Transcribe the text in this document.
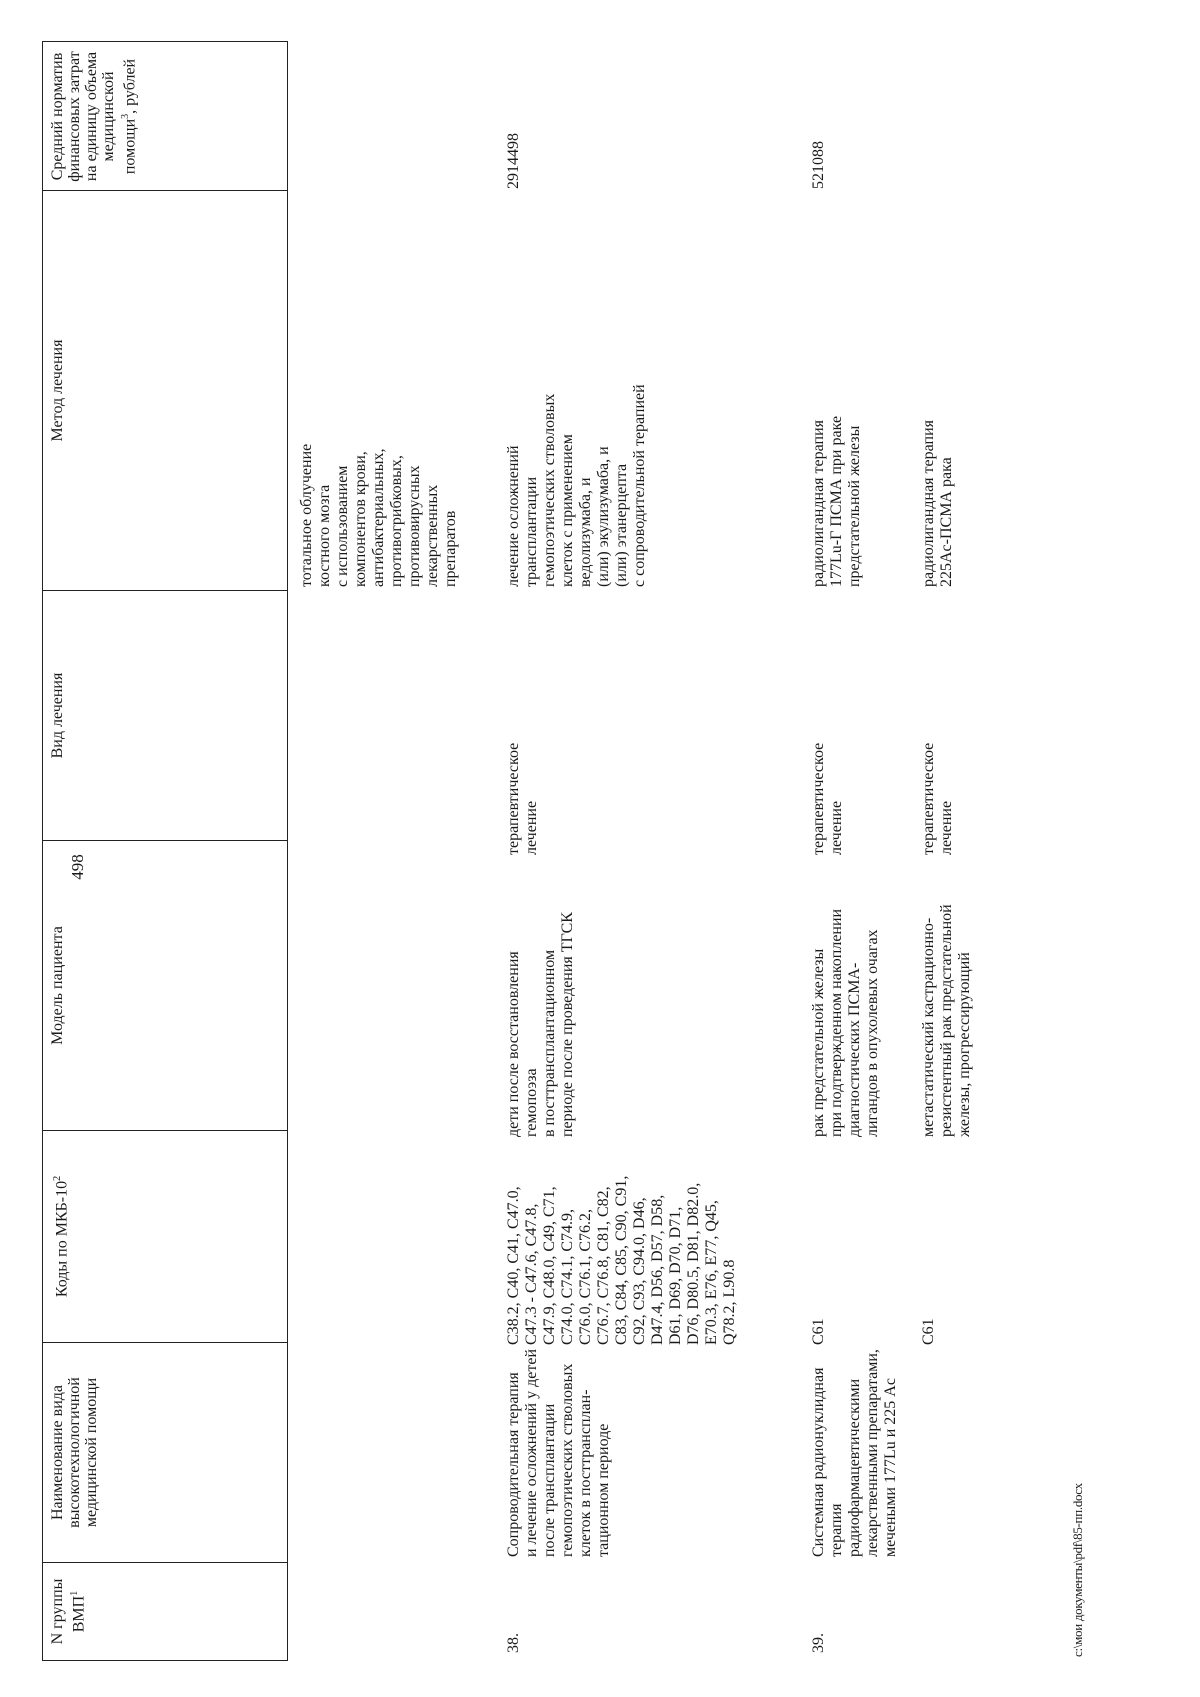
498
N группы ВМП$^1$
Наименование вида высокотехнологичной медицинской помощи
Коды по МКБ-$10^2$
Модель пациента
Вид лечения
Метод лечения
Средний норматив финансовых затрат на единицу объема медицинской помощи$^3$, рублей
тотальное облучение
костного мозга
с использованием
компонентов крови,
антибактериальных,
противогрибковых,
противовирусных
лекарственных
препаратов
38.
Сопроводительная терапия
и лечение осложнений у детей
после трансплантации
гемопоэтических стволовых
клеток в посттрансплан-
тационном периоде
C38.2, C40, C41, C47.0,
C47.3 - C47.6, C47.8,
C47.9, C48.0, C49, C71,
C74.0, C74.1, C74.9,
C76.0, C76.1, C76.2,
C76.7, C76.8, C81, C82,
C83, C84, C85, C90, C91,
C92, C93, C94.0, D46,
D47.4, D56, D57, D58,
D61, D69, D70, D71,
D76, D80.5, D81, D82.0,
E70.3, E76, E77, Q45,
Q78.2, L90.8
дети после восстановления
гемопоэза
в посттрансплантационном
периоде после проведения ТГСК
терапевтическое
лечение
лечение осложнений
трансплантации
гемопоэтических стволовых
клеток с применением
ведолизумаба, и
(или) экулизумаба, и
(или) этанерцепта
с сопроводительной терапией
2914498
39.
Системная радионуклидная
терапия
радиофармацевтическими
лекарственными препаратами,
мечеными 177Lu и 225 Ac
C61
рак предстательной железы
при подтвержденном накоплении
диагностических ПСМА-
лигандов в опухолевых очагах
терапевтическое
лечение
радиолигандная терапия
177Lu-Г ПСМА при раке
предстательной железы
521088
C61
метастатический кастрационно-
резистентный рак предстательной
железы, прогрессирующий
терапевтическое
лечение
радиолигандная терапия
225Ac-ПСМА рака
c:\мои документы\pdf\85-пп.docx
